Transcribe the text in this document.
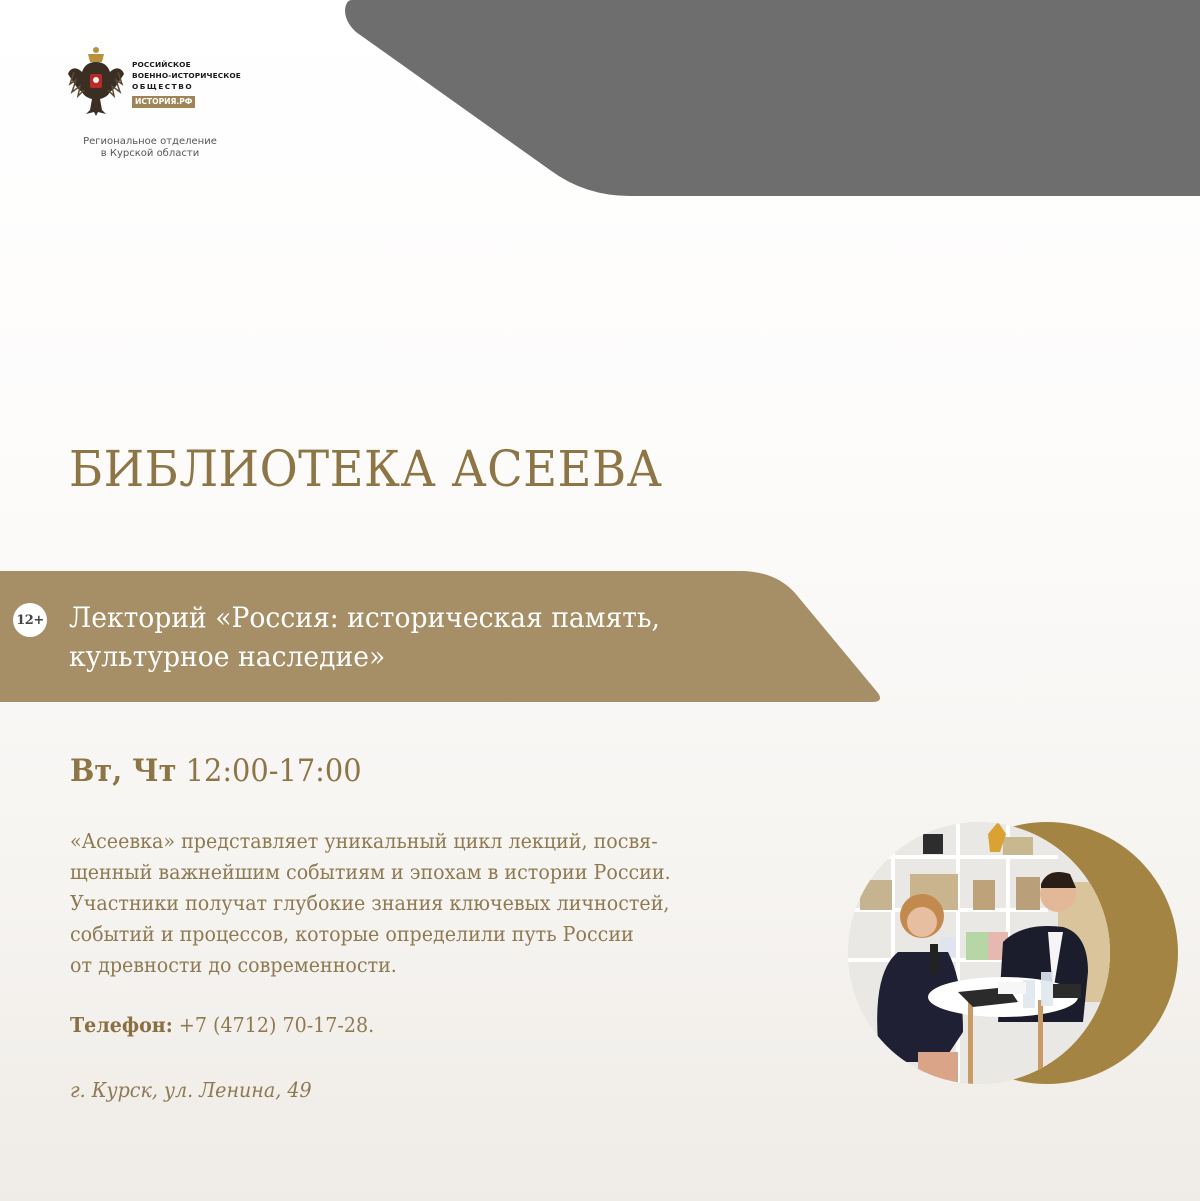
РОССИЙСКОЕ
ВОЕННО-ИСТОРИЧЕСКОЕ
ОБЩЕСТВО
ИСТОРИЯ.РФ
Региональное отделение
в Курской области
БИБЛИОТЕКА АСЕЕВА
12+ Лекторий «Россия: историческая память,
культурное наследие»
Вт, Чт 12:00-17:00
«Асеевка» представляет уникальный цикл лекций, посвя-
щенный важнейшим событиям и эпохам в истории России.
Участники получат глубокие знания ключевых личностей,
событий и процессов, которые определили путь России
от древности до современности.
Телефон: +7 (4712) 70-17-28.
г. Курск, ул. Ленина, 49
